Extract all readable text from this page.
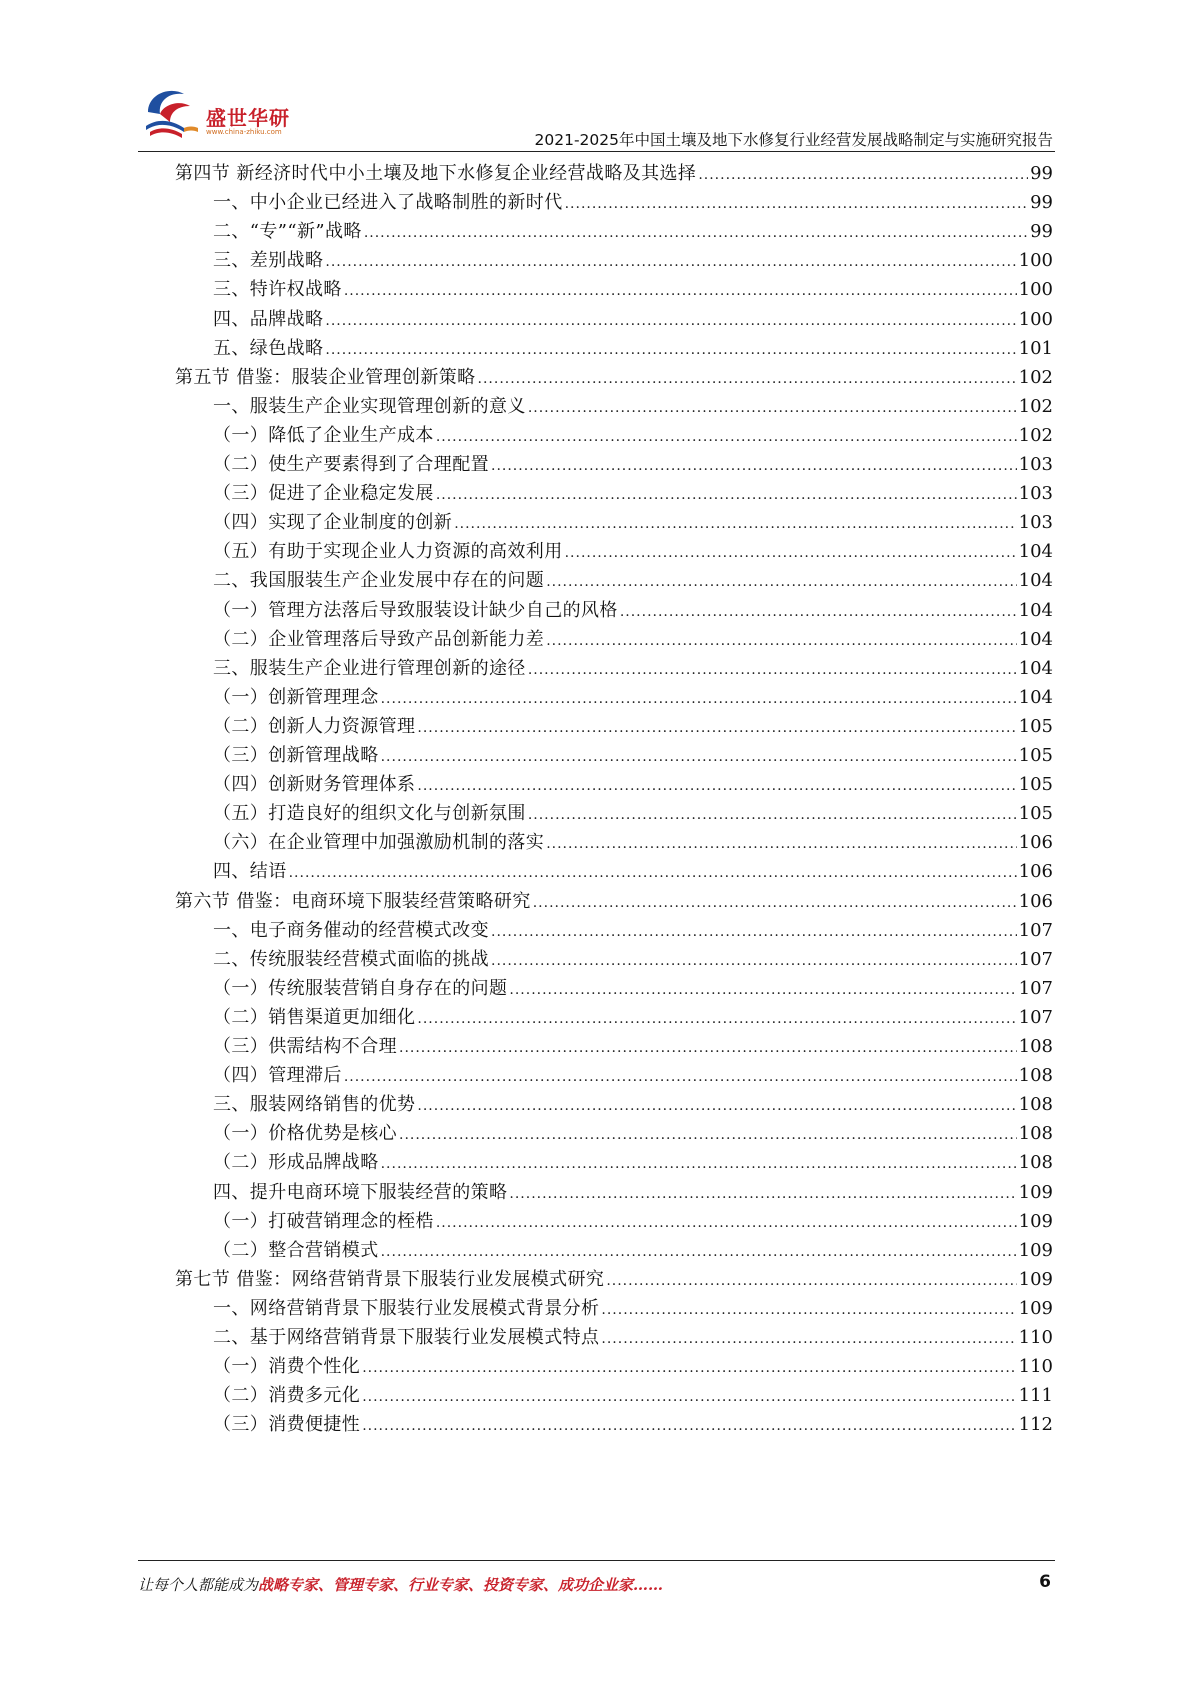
盛世华研
www.china-zhiku.com	2021-2025年中国土壤及地下水修复行业经营发展战略制定与实施研究报告
第四节 新经济时代中小土壤及地下水修复企业经营战略及其选择 .....	99
一、中小企业已经进入了战略制胜的新时代 .....	99
二、“专”“新”战略 .....	99
三、差别战略 .....	100
三、特许权战略 .....	100
四、品牌战略 .....	100
五、绿色战略 .....	101
第五节 借鉴：服装企业管理创新策略 .....	102
一、服装生产企业实现管理创新的意义 .....	102
（一）降低了企业生产成本 .....	102
（二）使生产要素得到了合理配置 .....	103
（三）促进了企业稳定发展 .....	103
（四）实现了企业制度的创新 .....	103
（五）有助于实现企业人力资源的高效利用 .....	104
二、我国服装生产企业发展中存在的问题 .....	104
（一）管理方法落后导致服装设计缺少自己的风格 .....	104
（二）企业管理落后导致产品创新能力差 .....	104
三、服装生产企业进行管理创新的途径 .....	104
（一）创新管理理念 .....	104
（二）创新人力资源管理 .....	105
（三）创新管理战略 .....	105
（四）创新财务管理体系 .....	105
（五）打造良好的组织文化与创新氛围 .....	105
（六）在企业管理中加强激励机制的落实 .....	106
四、结语 .....	106
第六节 借鉴：电商环境下服装经营策略研究 .....	106
一、电子商务催动的经营模式改变 .....	107
二、传统服装经营模式面临的挑战 .....	107
（一）传统服装营销自身存在的问题 .....	107
（二）销售渠道更加细化 .....	107
（三）供需结构不合理 .....	108
（四）管理滞后 .....	108
三、服装网络销售的优势 .....	108
（一）价格优势是核心 .....	108
（二）形成品牌战略 .....	108
四、提升电商环境下服装经营的策略 .....	109
（一）打破营销理念的桎梏 .....	109
（二）整合营销模式 .....	109
第七节 借鉴：网络营销背景下服装行业发展模式研究 .....	109
一、网络营销背景下服装行业发展模式背景分析 .....	109
二、基于网络营销背景下服装行业发展模式特点 .....	110
（一）消费个性化 .....	110
（二）消费多元化 .....	111
（三）消费便捷性 .....	112
让每个人都能成为战略专家、管理专家、行业专家、投资专家、成功企业家……	6
